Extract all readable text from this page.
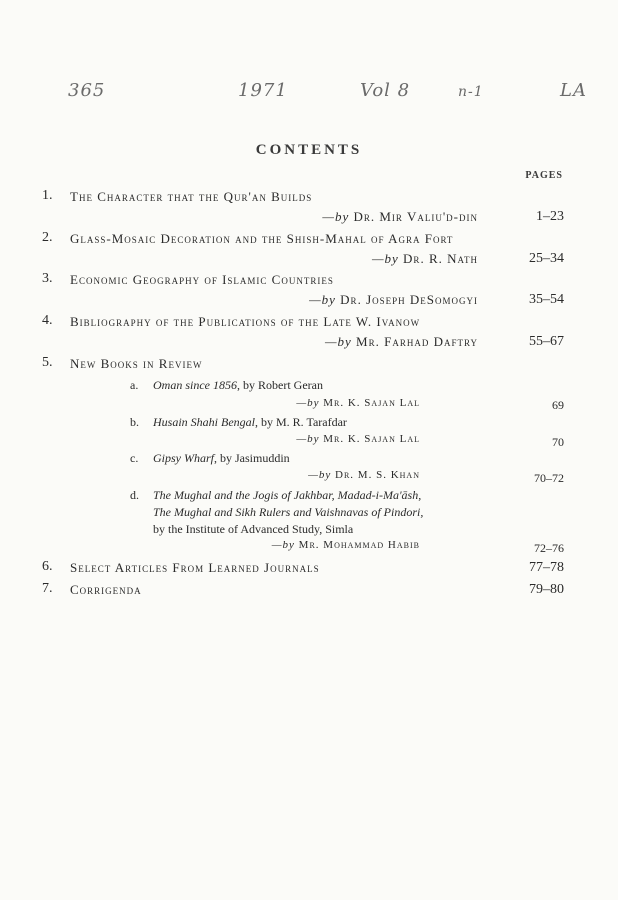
365	1971	Vol 8	n-1	LA
CONTENTS
PAGES
1. The Character that the Qur'an Builds
—by Dr. Mir Valiu'd-din	1–23
2. Glass-Mosaic Decoration and the Shish-Mahal of Agra Fort
—by Dr. R. Nath	25–34
3. Economic Geography of Islamic Countries
—by Dr. Joseph DeSomogyi	35–54
4. Bibliography of the Publications of the Late W. Ivanow
—by Mr. Farhad Daftry	55–67
5. New Books in Review
a. Oman since 1856, by Robert Geran
—by Mr. K. Sajan Lal	69
b. Husain Shahi Bengal, by M. R. Tarafdar
—by Mr. K. Sajan Lal	70
c. Gipsy Wharf, by Jasimuddin
—by Dr. M. S. Khan	70–72
d. The Mughal and the Jogis of Jakhbar, Madad-i-Ma'āsh,
The Mughal and Sikh Rulers and Vaishnavas of Pindori,
by the Institute of Advanced Study, Simla
—by Mr. Mohammad Habib	72–76
6. Select Articles From Learned Journals	77–78
7. Corrigenda	79–80
